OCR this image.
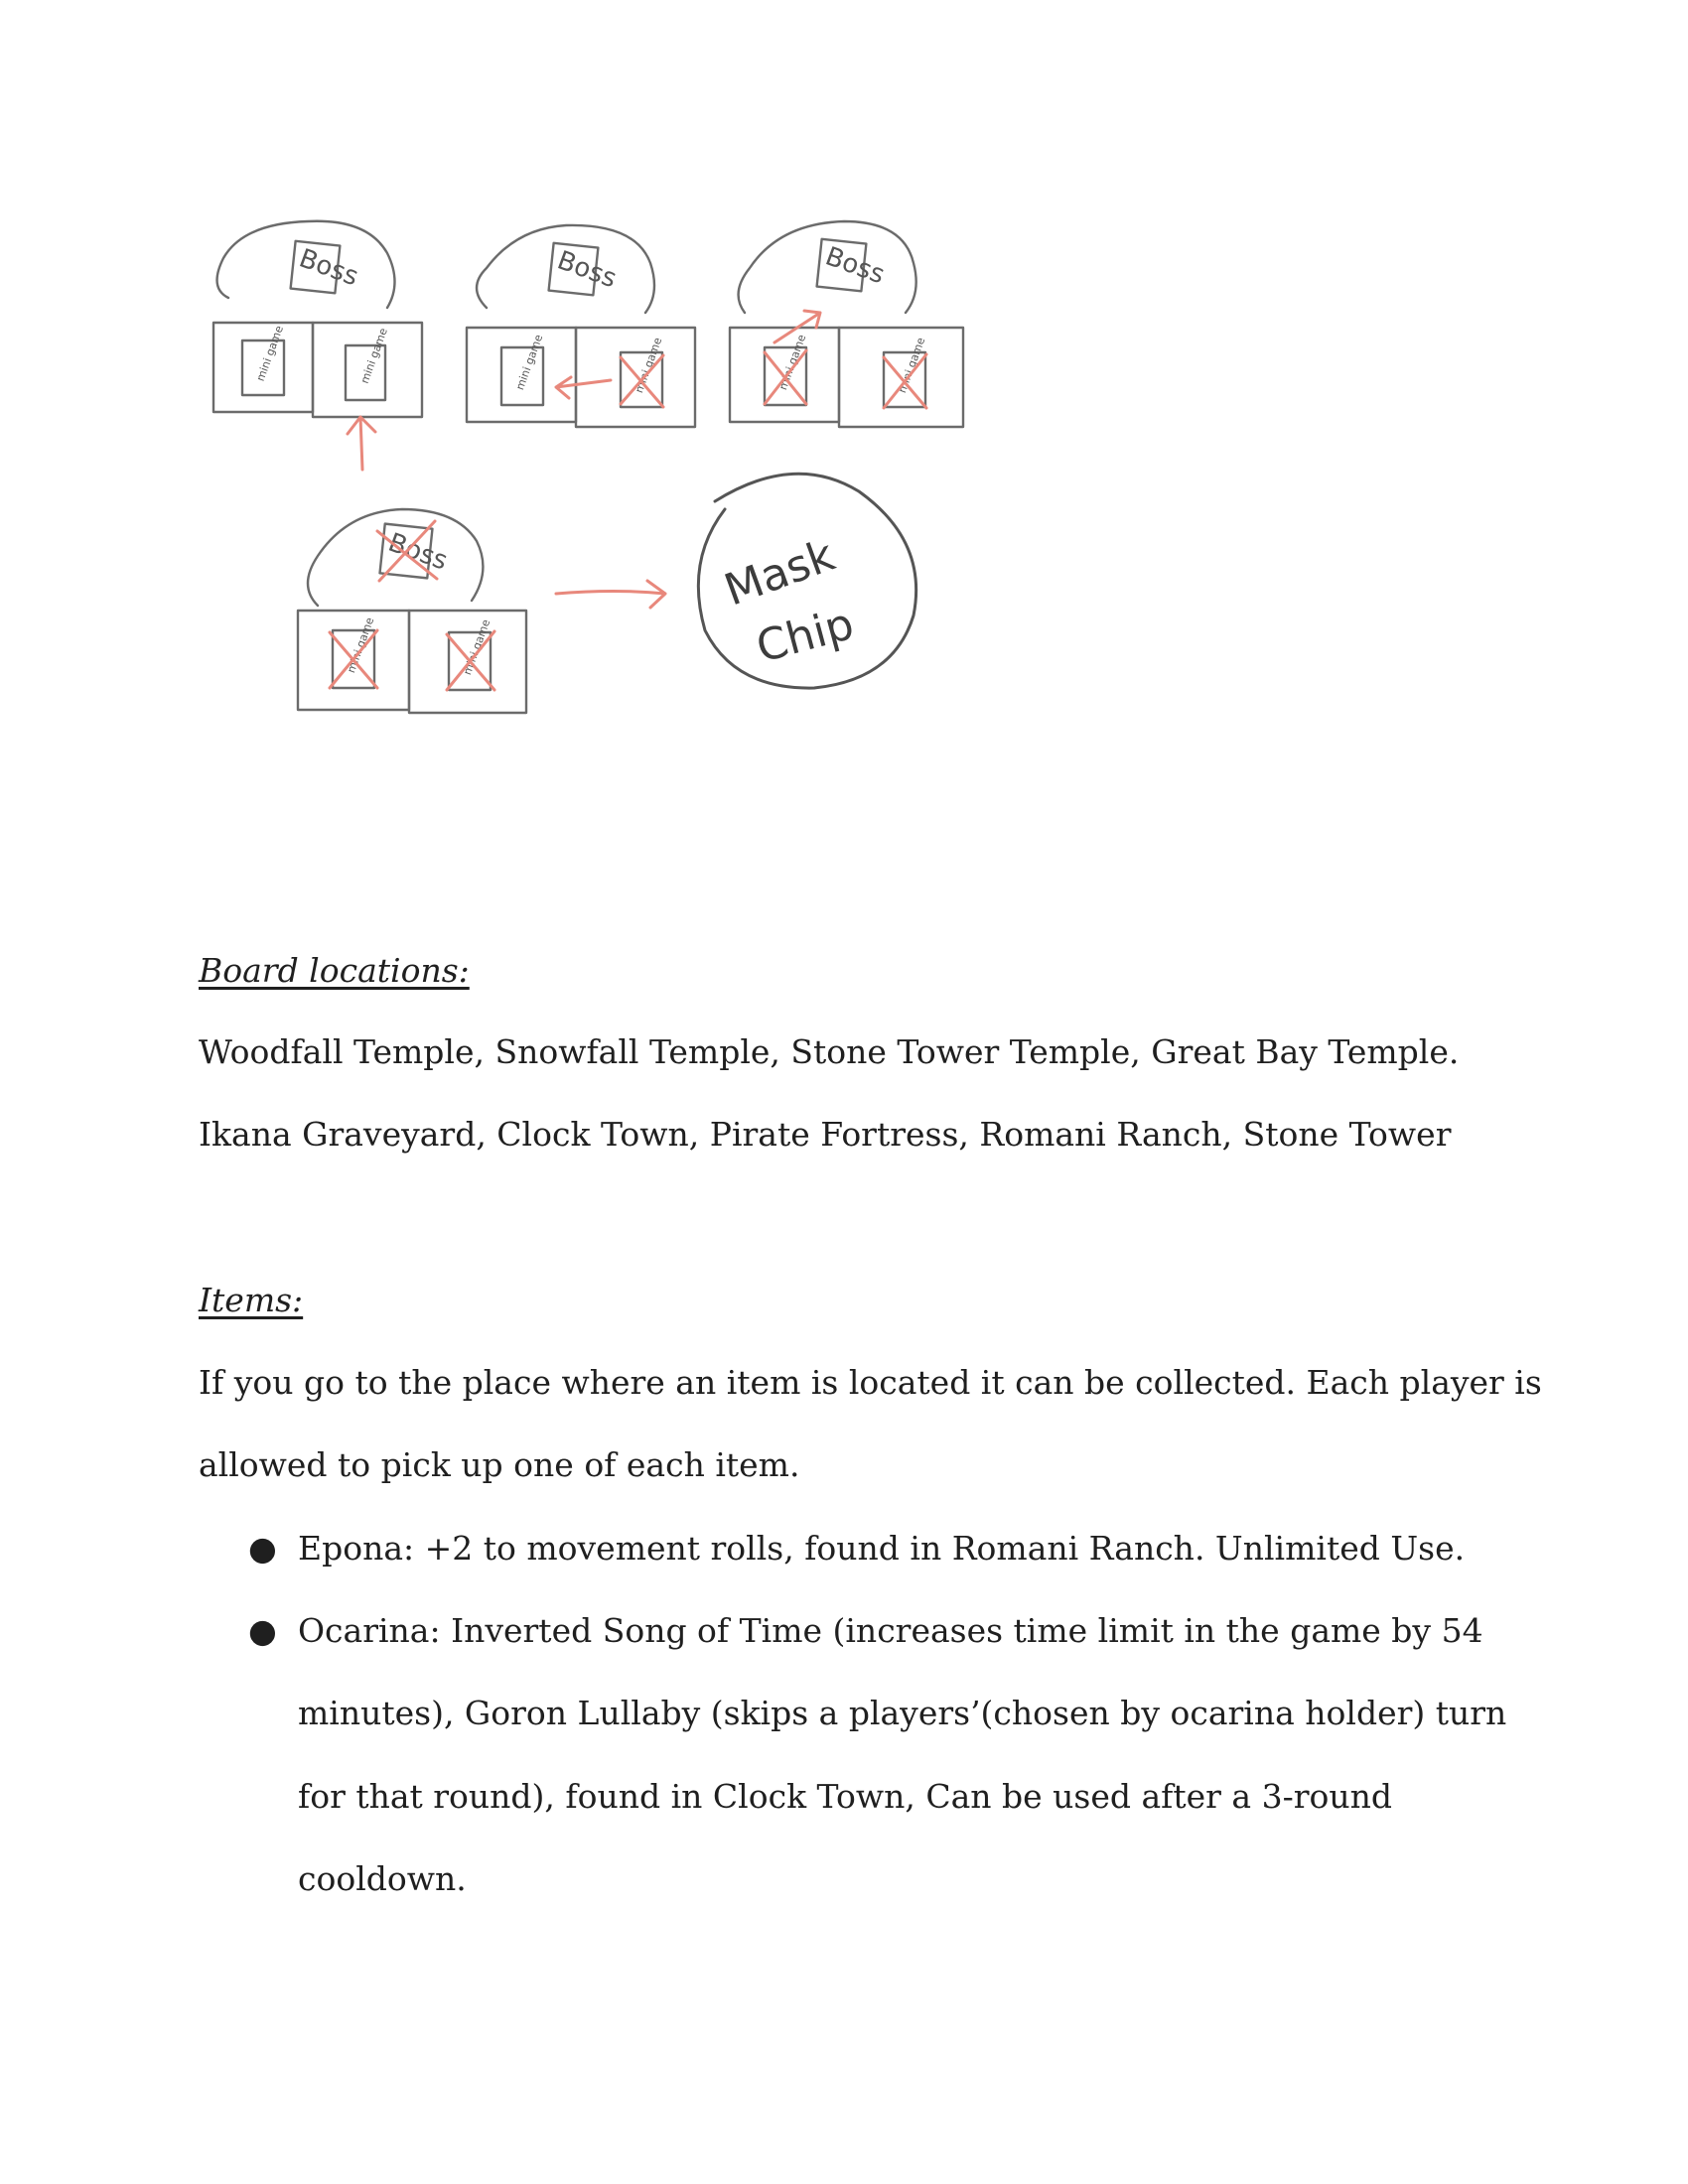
Boss
mini game	mini game
Boss
mini game	mini game
Boss
mini game	mini game
Boss
mini game	mini game
Mask
Chip

Board locations:

Woodfall Temple, Snowfall Temple, Stone Tower Temple, Great Bay Temple.

Ikana Graveyard, Clock Town, Pirate Fortress, Romani Ranch, Stone Tower

Items:

If you go to the place where an item is located it can be collected. Each player is

allowed to pick up one of each item.

● Epona: +2 to movement rolls, found in Romani Ranch. Unlimited Use.
● Ocarina: Inverted Song of Time (increases time limit in the game by 54

minutes), Goron Lullaby (skips a players’(chosen by ocarina holder) turn

for that round), found in Clock Town, Can be used after a 3-round

cooldown.
